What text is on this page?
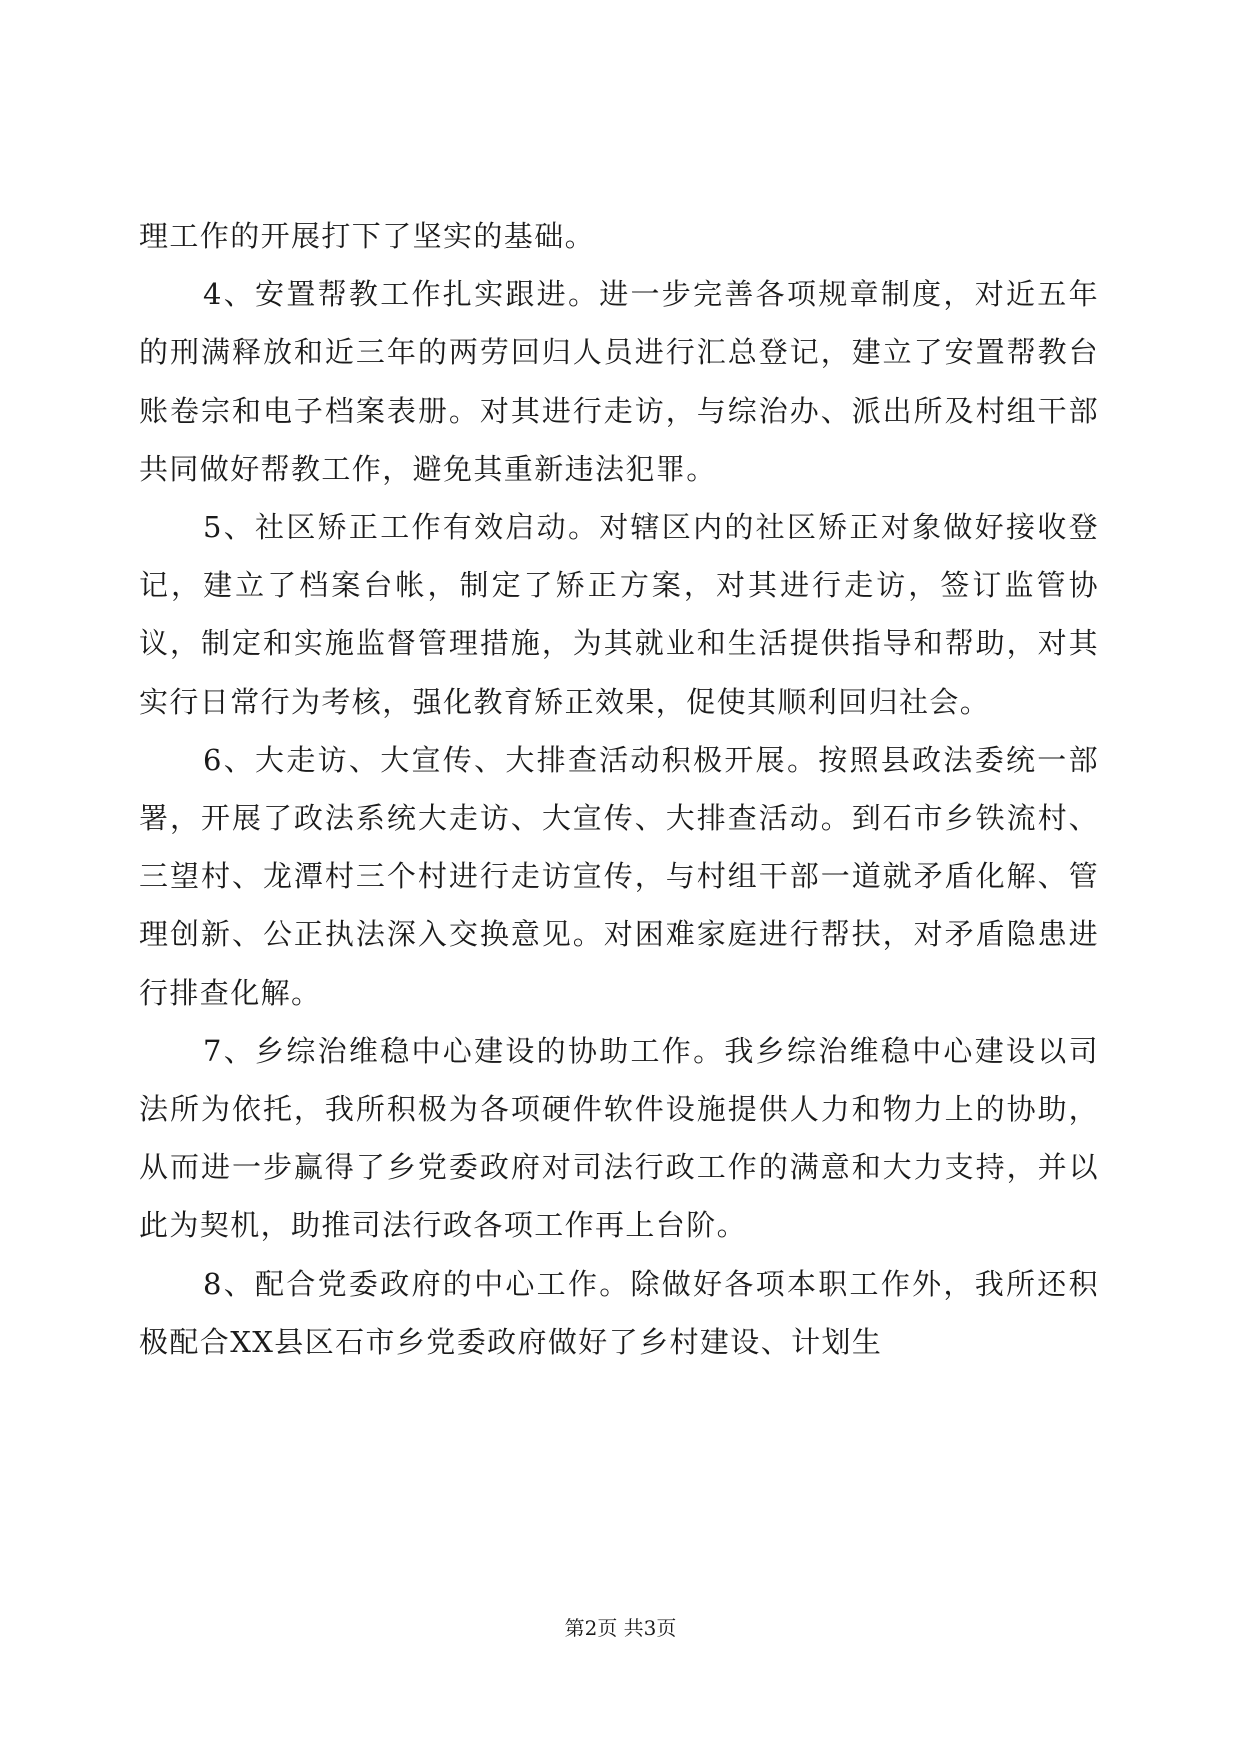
理工作的开展打下了坚实的基础。

4、安置帮教工作扎实跟进。进一步完善各项规章制度，对近五年的刑满释放和近三年的两劳回归人员进行汇总登记，建立了安置帮教台账卷宗和电子档案表册。对其进行走访，与综治办、派出所及村组干部共同做好帮教工作，避免其重新违法犯罪。

5、社区矫正工作有效启动。对辖区内的社区矫正对象做好接收登记，建立了档案台帐，制定了矫正方案，对其进行走访，签订监管协议，制定和实施监督管理措施，为其就业和生活提供指导和帮助，对其实行日常行为考核，强化教育矫正效果，促使其顺利回归社会。

6、大走访、大宣传、大排查活动积极开展。按照县政法委统一部署，开展了政法系统大走访、大宣传、大排查活动。到石市乡铁流村、三望村、龙潭村三个村进行走访宣传，与村组干部一道就矛盾化解、管理创新、公正执法深入交换意见。对困难家庭进行帮扶，对矛盾隐患进行排查化解。

7、乡综治维稳中心建设的协助工作。我乡综治维稳中心建设以司法所为依托，我所积极为各项硬件软件设施提供人力和物力上的协助，从而进一步赢得了乡党委政府对司法行政工作的满意和大力支持，并以此为契机，助推司法行政各项工作再上台阶。

8、配合党委政府的中心工作。除做好各项本职工作外，我所还积极配合XX县区石市乡党委政府做好了乡村建设、计划生

第2页 共3页
